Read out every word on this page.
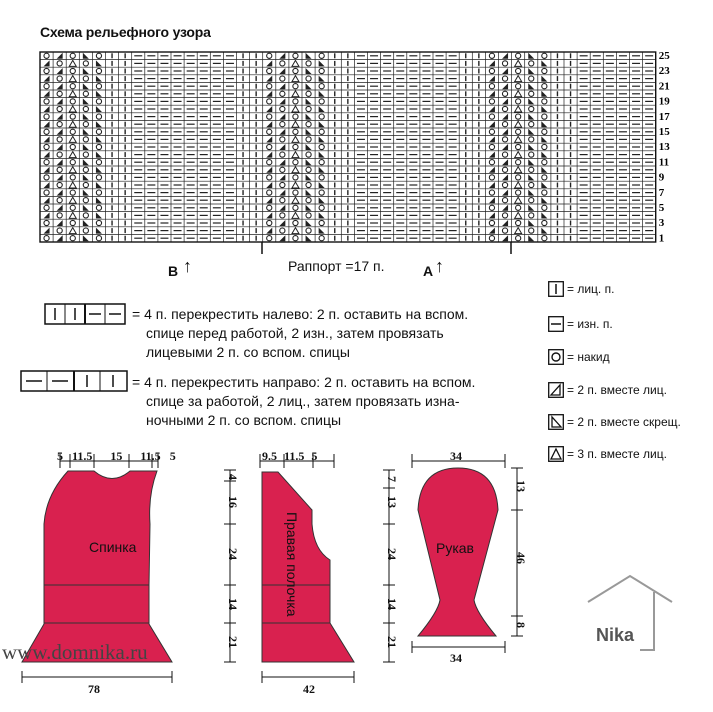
Схема рельефного узора
25
23
21
19
17
15
13
11
9
7
5
3
1
В ↑	А ↑
Раппорт =17 п.
= 4 п. перекрестить налево: 2 п. оставить на вспом.
спице перед работой, 2 изн., затем провязать
лицевыми 2 п. со вспом. спицы
= 4 п. перекрестить направо: 2 п. оставить на вспом.
спице за работой, 2 лиц., затем провязать изна-
ночными 2 п. со вспом. спицы
= лиц. п.
= изн. п.
= накид
= 2 п. вместе лиц.
= 2 п. вместе скрещ.
= 3 п. вместе лиц.
5 11.5 15 11.5 5	9.5 11.5 5	34
4
16
24
14
21
7
13
24
14
21
13
46
8
Спинка	Правая полочка	Рукав
78	42
34
www.domnika.ru
Nika
